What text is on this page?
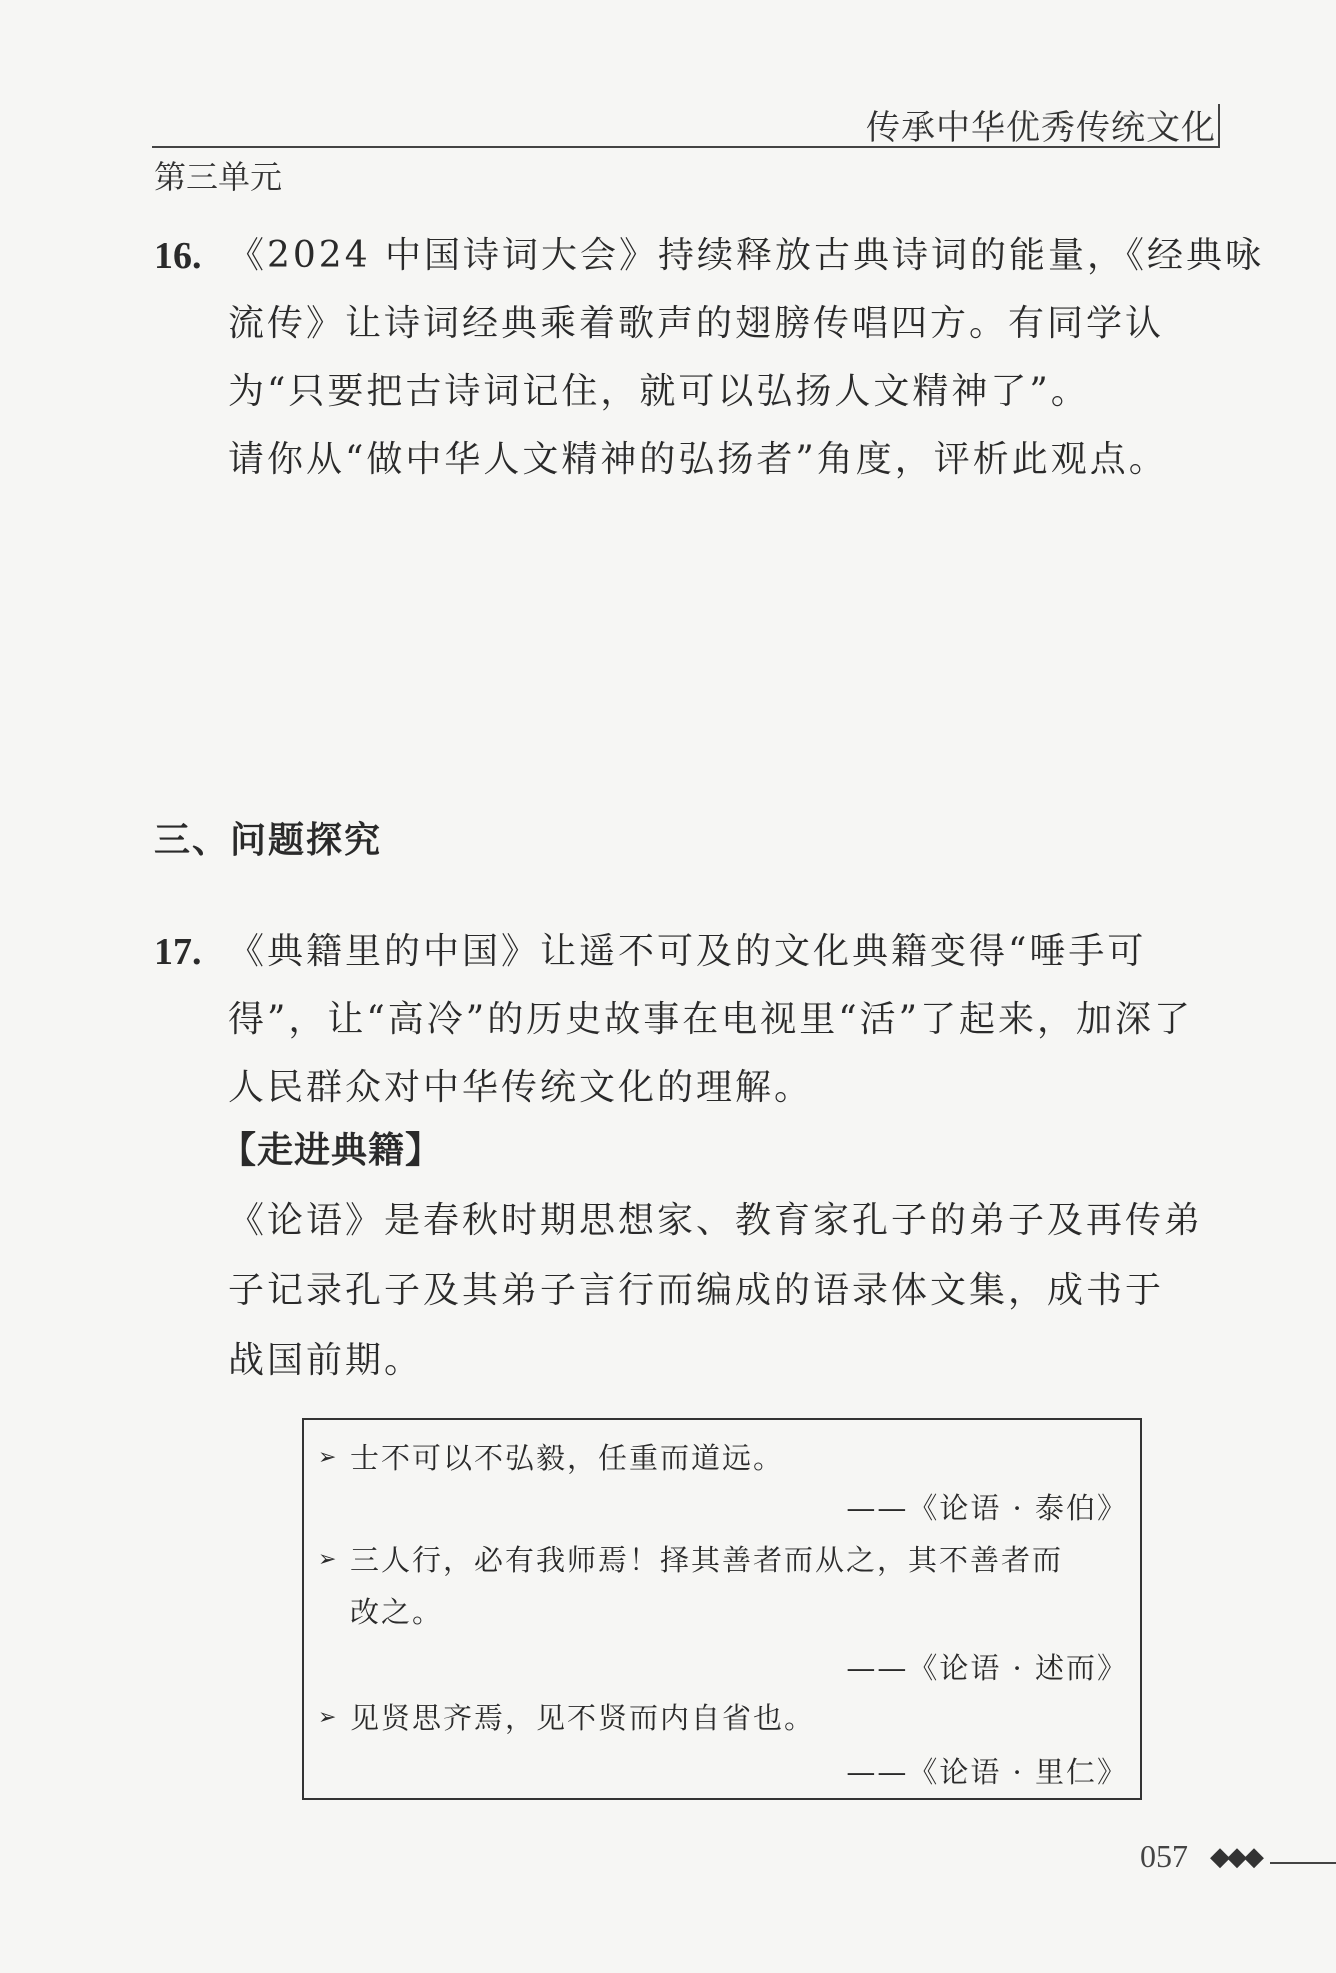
传承中华优秀传统文化
第三单元
16. 《2024 中国诗词大会》持续释放古典诗词的能量，《经典咏
流传》让诗词经典乘着歌声的翅膀传唱四方。有同学认
为“只要把古诗词记住，就可以弘扬人文精神了”。
请你从“做中华人文精神的弘扬者”角度，评析此观点。
三、问题探究
17. 《典籍里的中国》让遥不可及的文化典籍变得“唾手可
得”，让“高冷”的历史故事在电视里“活”了起来，加深了
人民群众对中华传统文化的理解。
【走进典籍】
《论语》是春秋时期思想家、教育家孔子的弟子及再传弟
子记录孔子及其弟子言行而编成的语录体文集，成书于
战国前期。
➢ 士不可以不弘毅，任重而道远。
——《论语 · 泰伯》
➢ 三人行，必有我师焉！择其善者而从之，其不善者而
改之。
——《论语 · 述而》
➢ 见贤思齐焉，见不贤而内自省也。
——《论语 · 里仁》
057 ◆◆◆
